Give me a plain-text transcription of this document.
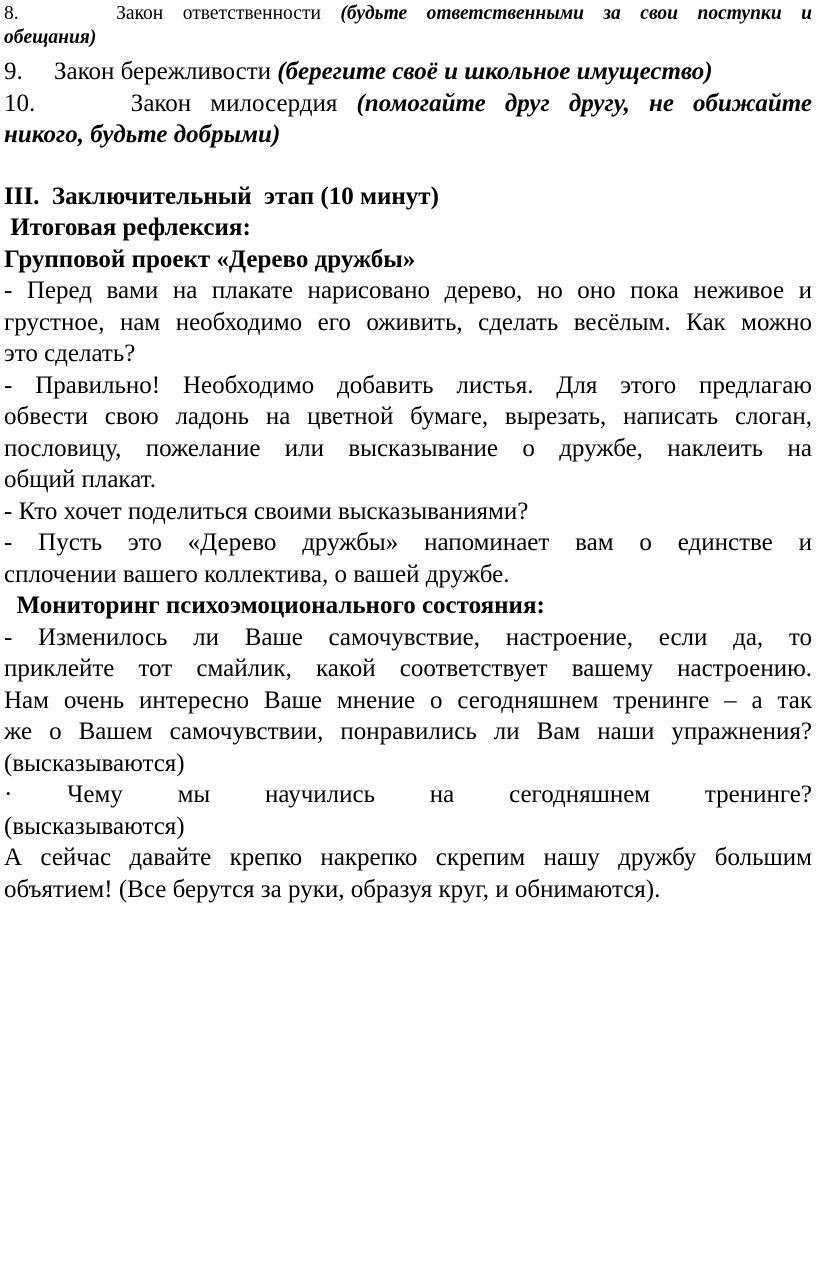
8.	Закон ответственности (будьте ответственными за свои поступки и
обещания)
9. Закон бережливости (берегите своё и школьное имущество)
10.	Закон милосердия (помогайте друг другу, не обижайте
никого, будьте добрыми)
III.  Заключительный  этап (10 минут)
Итоговая рефлексия:
Групповой проект «Дерево дружбы»
- Перед вами на плакате нарисовано дерево, но оно пока неживое и
грустное, нам необходимо его оживить, сделать весёлым. Как можно
это сделать?
- Правильно! Необходимо добавить листья. Для этого предлагаю
обвести свою ладонь на цветной бумаге, вырезать, написать слоган,
пословицу, пожелание или высказывание о дружбе, наклеить на
общий плакат.
- Кто хочет поделиться своими высказываниями?
- Пусть это «Дерево дружбы» напоминает вам о единстве и
сплочении вашего коллектива, о вашей дружбе.
Мониторинг психоэмоционального состояния:
- Изменилось ли Ваше самочувствие, настроение, если да, то
приклейте тот смайлик, какой соответствует вашему настроению.
Нам очень интересно Ваше мнение о сегодняшнем тренинге – а так
же о Вашем самочувствии, понравились ли Вам наши упражнения?
(высказываются)
· Чему мы научились на сегодняшнем тренинге?
(высказываются)
А сейчас давайте крепко накрепко скрепим нашу дружбу большим
объятием! (Все берутся за руки, образуя круг, и обнимаются).
